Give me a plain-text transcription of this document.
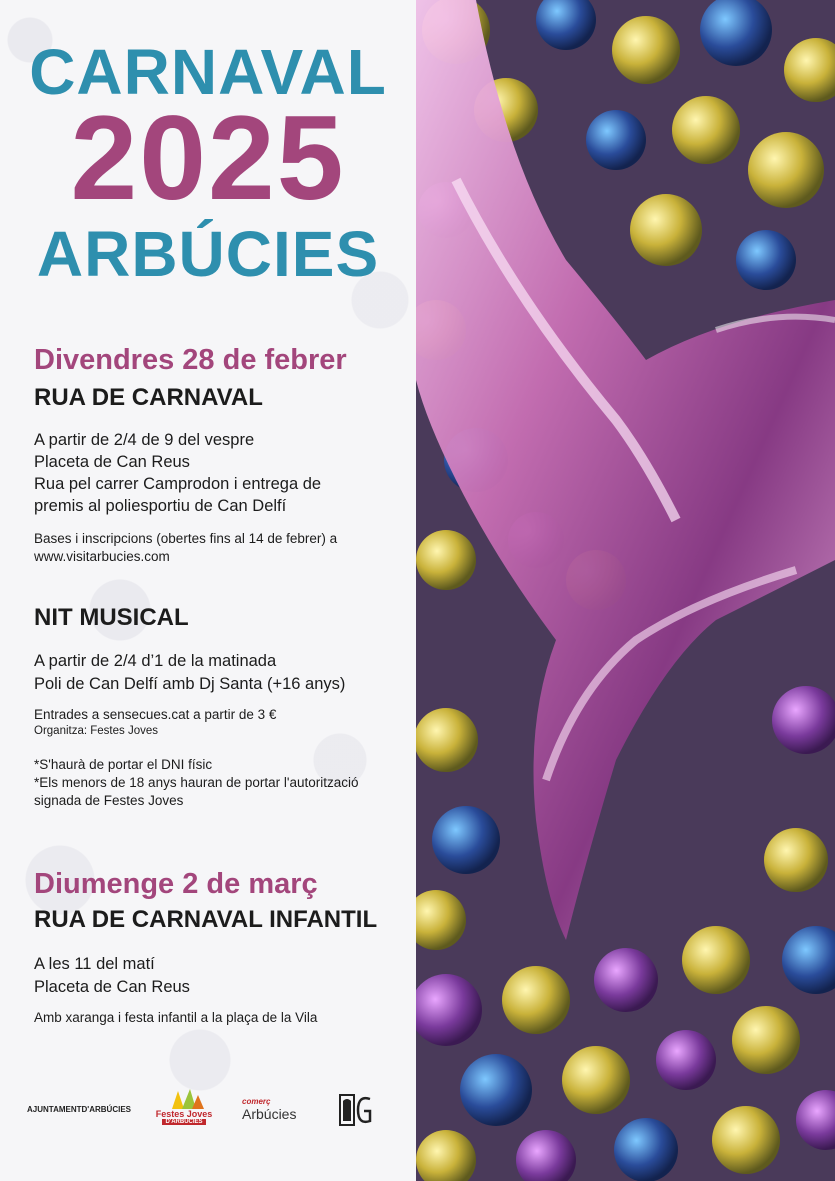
CARNAVAL
2025
ARBÚCIES
Divendres 28 de febrer
RUA DE CARNAVAL
A partir de 2/4 de 9 del vespre
Placeta de Can Reus
Rua pel carrer Camprodon i entrega de
premis al poliesportiu de Can Delfí
Bases i inscripcions (obertes fins al 14 de febrer) a
www.visitarbucies.com
NIT MUSICAL
A partir de 2/4 d’1 de la matinada
Poli de Can Delfí amb Dj Santa (+16 anys)
Entrades a sensecues.cat a partir de 3 €
Organitza: Festes Joves
*S'haurà de portar el DNI físic
*Els menors de 18 anys hauran de portar l'autorització
signada de Festes Joves
Diumenge 2 de març
RUA DE CARNAVAL INFANTIL
A les 11 del matí
Placeta de Can Reus
Amb xaranga i festa infantil a la plaça de la Vila
AJUNTAMENT D'ARBÚCIES	Festes Joves
D'ARBÚCIES
comerç
Arbúcies
